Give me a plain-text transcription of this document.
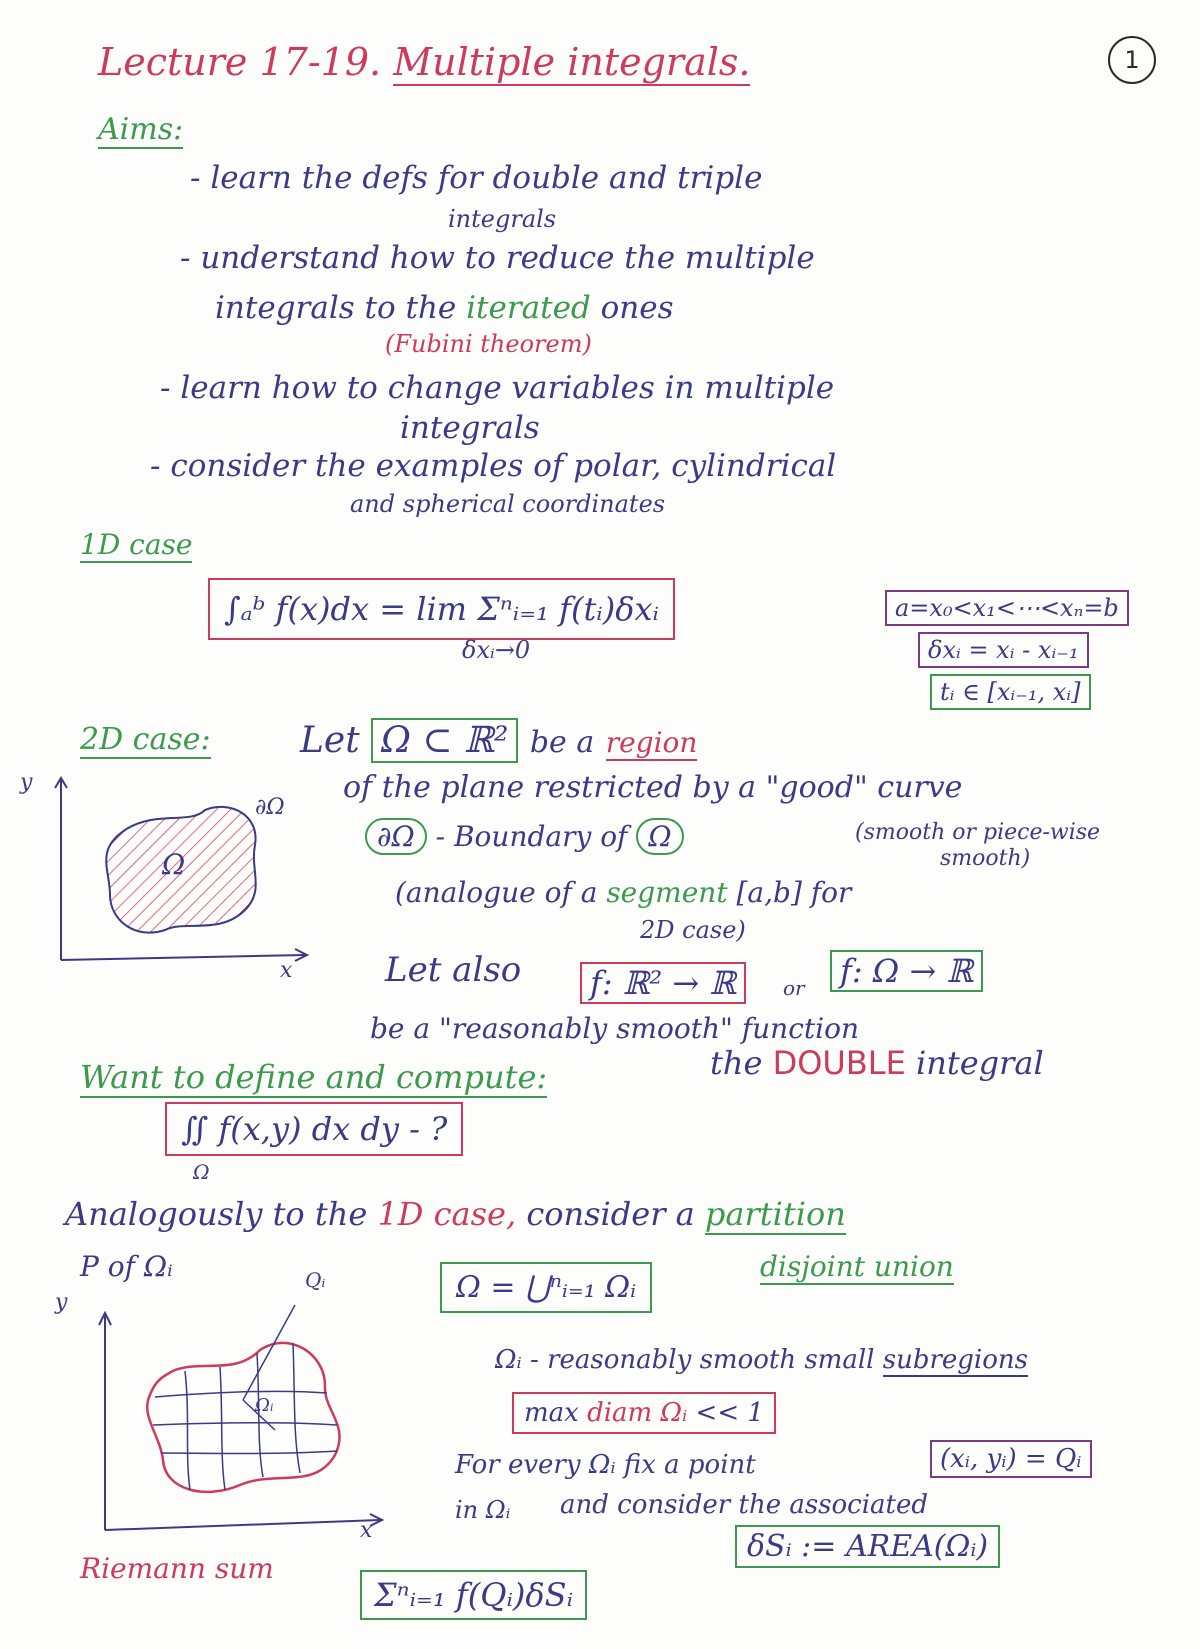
1
Lecture 17-19. Multiple integrals.
Aims:
- learn the defs for double and triple
integrals
- understand how to reduce the multiple
integrals to the iterated ones
(Fubini theorem)
- learn how to change variables in multiple
integrals
- consider the examples of polar, cylindrical
and spherical coordinates
1D case
∫ₐᵇ f(x)dx = lim Σⁿᵢ₌₁ f(tᵢ)δxᵢ
δxᵢ→0
a=x₀<x₁<⋯<xₙ=b
δxᵢ = xᵢ - xᵢ₋₁
tᵢ ∈ [xᵢ₋₁, xᵢ]
2D case: Let Ω ⊂ ℝ² be a region
of the plane restricted by a "good" curve
∂Ω - Boundary of Ω	(smooth or piece-wise
smooth)
(analogue of a segment [a,b] for
2D case)
Let also	f: ℝ² → ℝ	or	f: Ω → ℝ
be a "reasonably smooth" function
y
x
Ω
∂Ω
Want to define and compute:	the DOUBLE integral
∬ f(x,y) dx dy - ?
Ω
Analogously to the 1D case, consider a partition
P of Ωᵢ
Ω = ⋃ⁿᵢ₌₁ Ωᵢ
disjoint union
Ωᵢ - reasonably smooth small subregions
max diam Ωᵢ << 1
For every Ωᵢ fix a point	(xᵢ, yᵢ) = Qᵢ
in Ωᵢ and consider the associated
δSᵢ := AREA(Ωᵢ)
y
x
Qᵢ
Ωᵢ
Riemann sum
Σⁿᵢ₌₁ f(Qᵢ)δSᵢ
